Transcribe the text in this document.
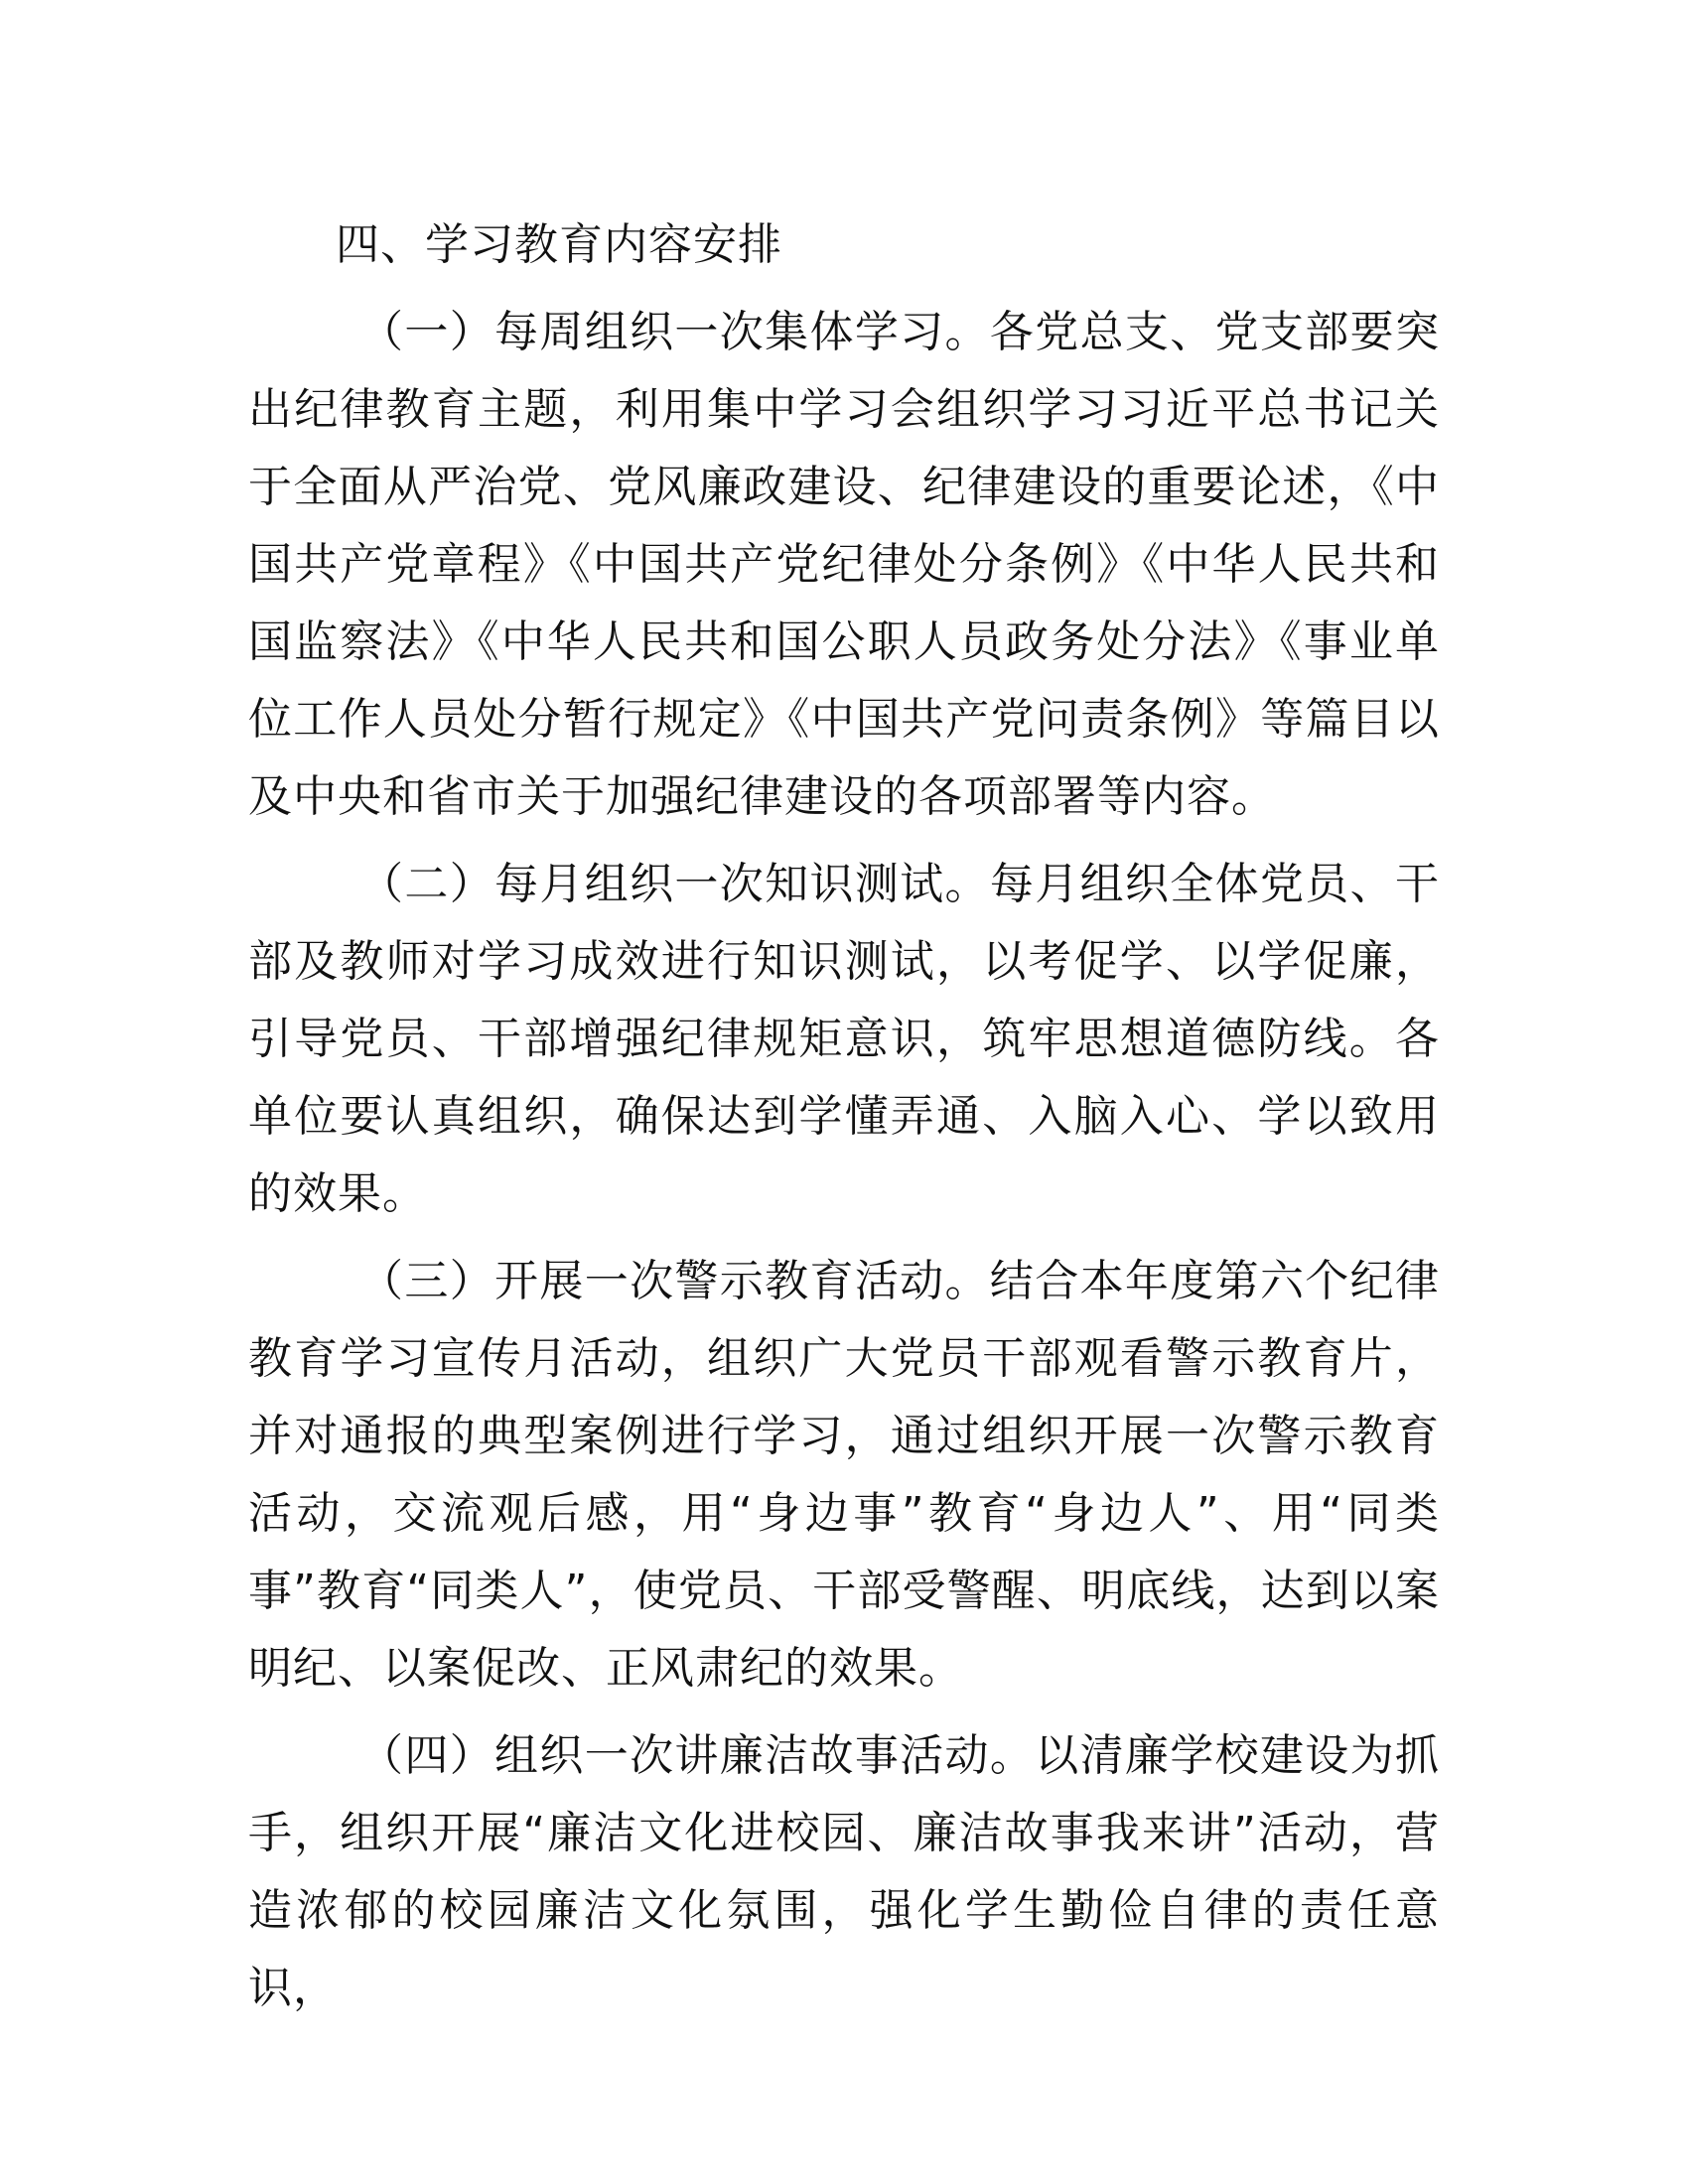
四、学习教育内容安排

（一）每周组织一次集体学习。各党总支、党支部要突出纪律教育主题，利用集中学习会组织学习习近平总书记关于全面从严治党、党风廉政建设、纪律建设的重要论述，《中国共产党章程》《中国共产党纪律处分条例》《中华人民共和国监察法》《中华人民共和国公职人员政务处分法》《事业单位工作人员处分暂行规定》《中国共产党问责条例》等篇目以及中央和省市关于加强纪律建设的各项部署等内容。

（二）每月组织一次知识测试。每月组织全体党员、干部及教师对学习成效进行知识测试，以考促学、以学促廉，引导党员、干部增强纪律规矩意识，筑牢思想道德防线。各单位要认真组织，确保达到学懂弄通、入脑入心、学以致用的效果。

（三）开展一次警示教育活动。结合本年度第六个纪律教育学习宣传月活动，组织广大党员干部观看警示教育片，并对通报的典型案例进行学习，通过组织开展一次警示教育活动，交流观后感，用“身边事”教育“身边人”、用“同类事”教育“同类人”，使党员、干部受警醒、明底线，达到以案明纪、以案促改、正风肃纪的效果。

（四）组织一次讲廉洁故事活动。以清廉学校建设为抓手，组织开展“廉洁文化进校园、廉洁故事我来讲”活动，营造浓郁的校园廉洁文化氛围，强化学生勤俭自律的责任意识，
